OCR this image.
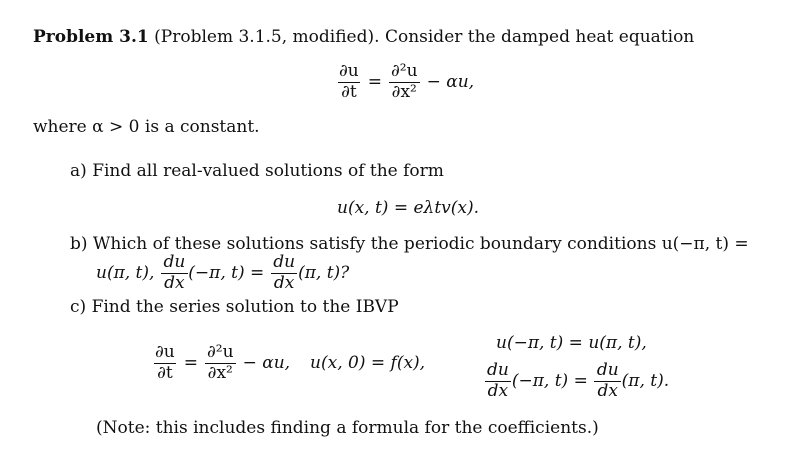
Problem 3.1 (Problem 3.1.5, modified). Consider the damped heat equation
$\frac{\partial u}{\partial t} = \frac{\text{∂²u}}{\text{∂x²}} - \alpha u$,
where α > 0 is a constant.
a) Find all real-valued solutions of the form
u(x, t) = eλtv(x).
b) Which of these solutions satisfy the periodic boundary conditions u(−π, t) =
u(π, t), $\frac{du}{dx} (-\pi$, $t) = \frac{du}{dx} (\pi$, t)?
c) Find the series solution to the IBVP
$\frac{\partial u}{\partial t} = \frac{\text{∂²u}}{\text{∂x²}} - \alpha u$, u(x, 0) = f(x),
u(−π, t) = u(π, t),
$\frac{du}{dx} (-\pi$, $t) = \frac{du}{dx} (\pi$, t).
(Note: this includes finding a formula for the coefficients.)
